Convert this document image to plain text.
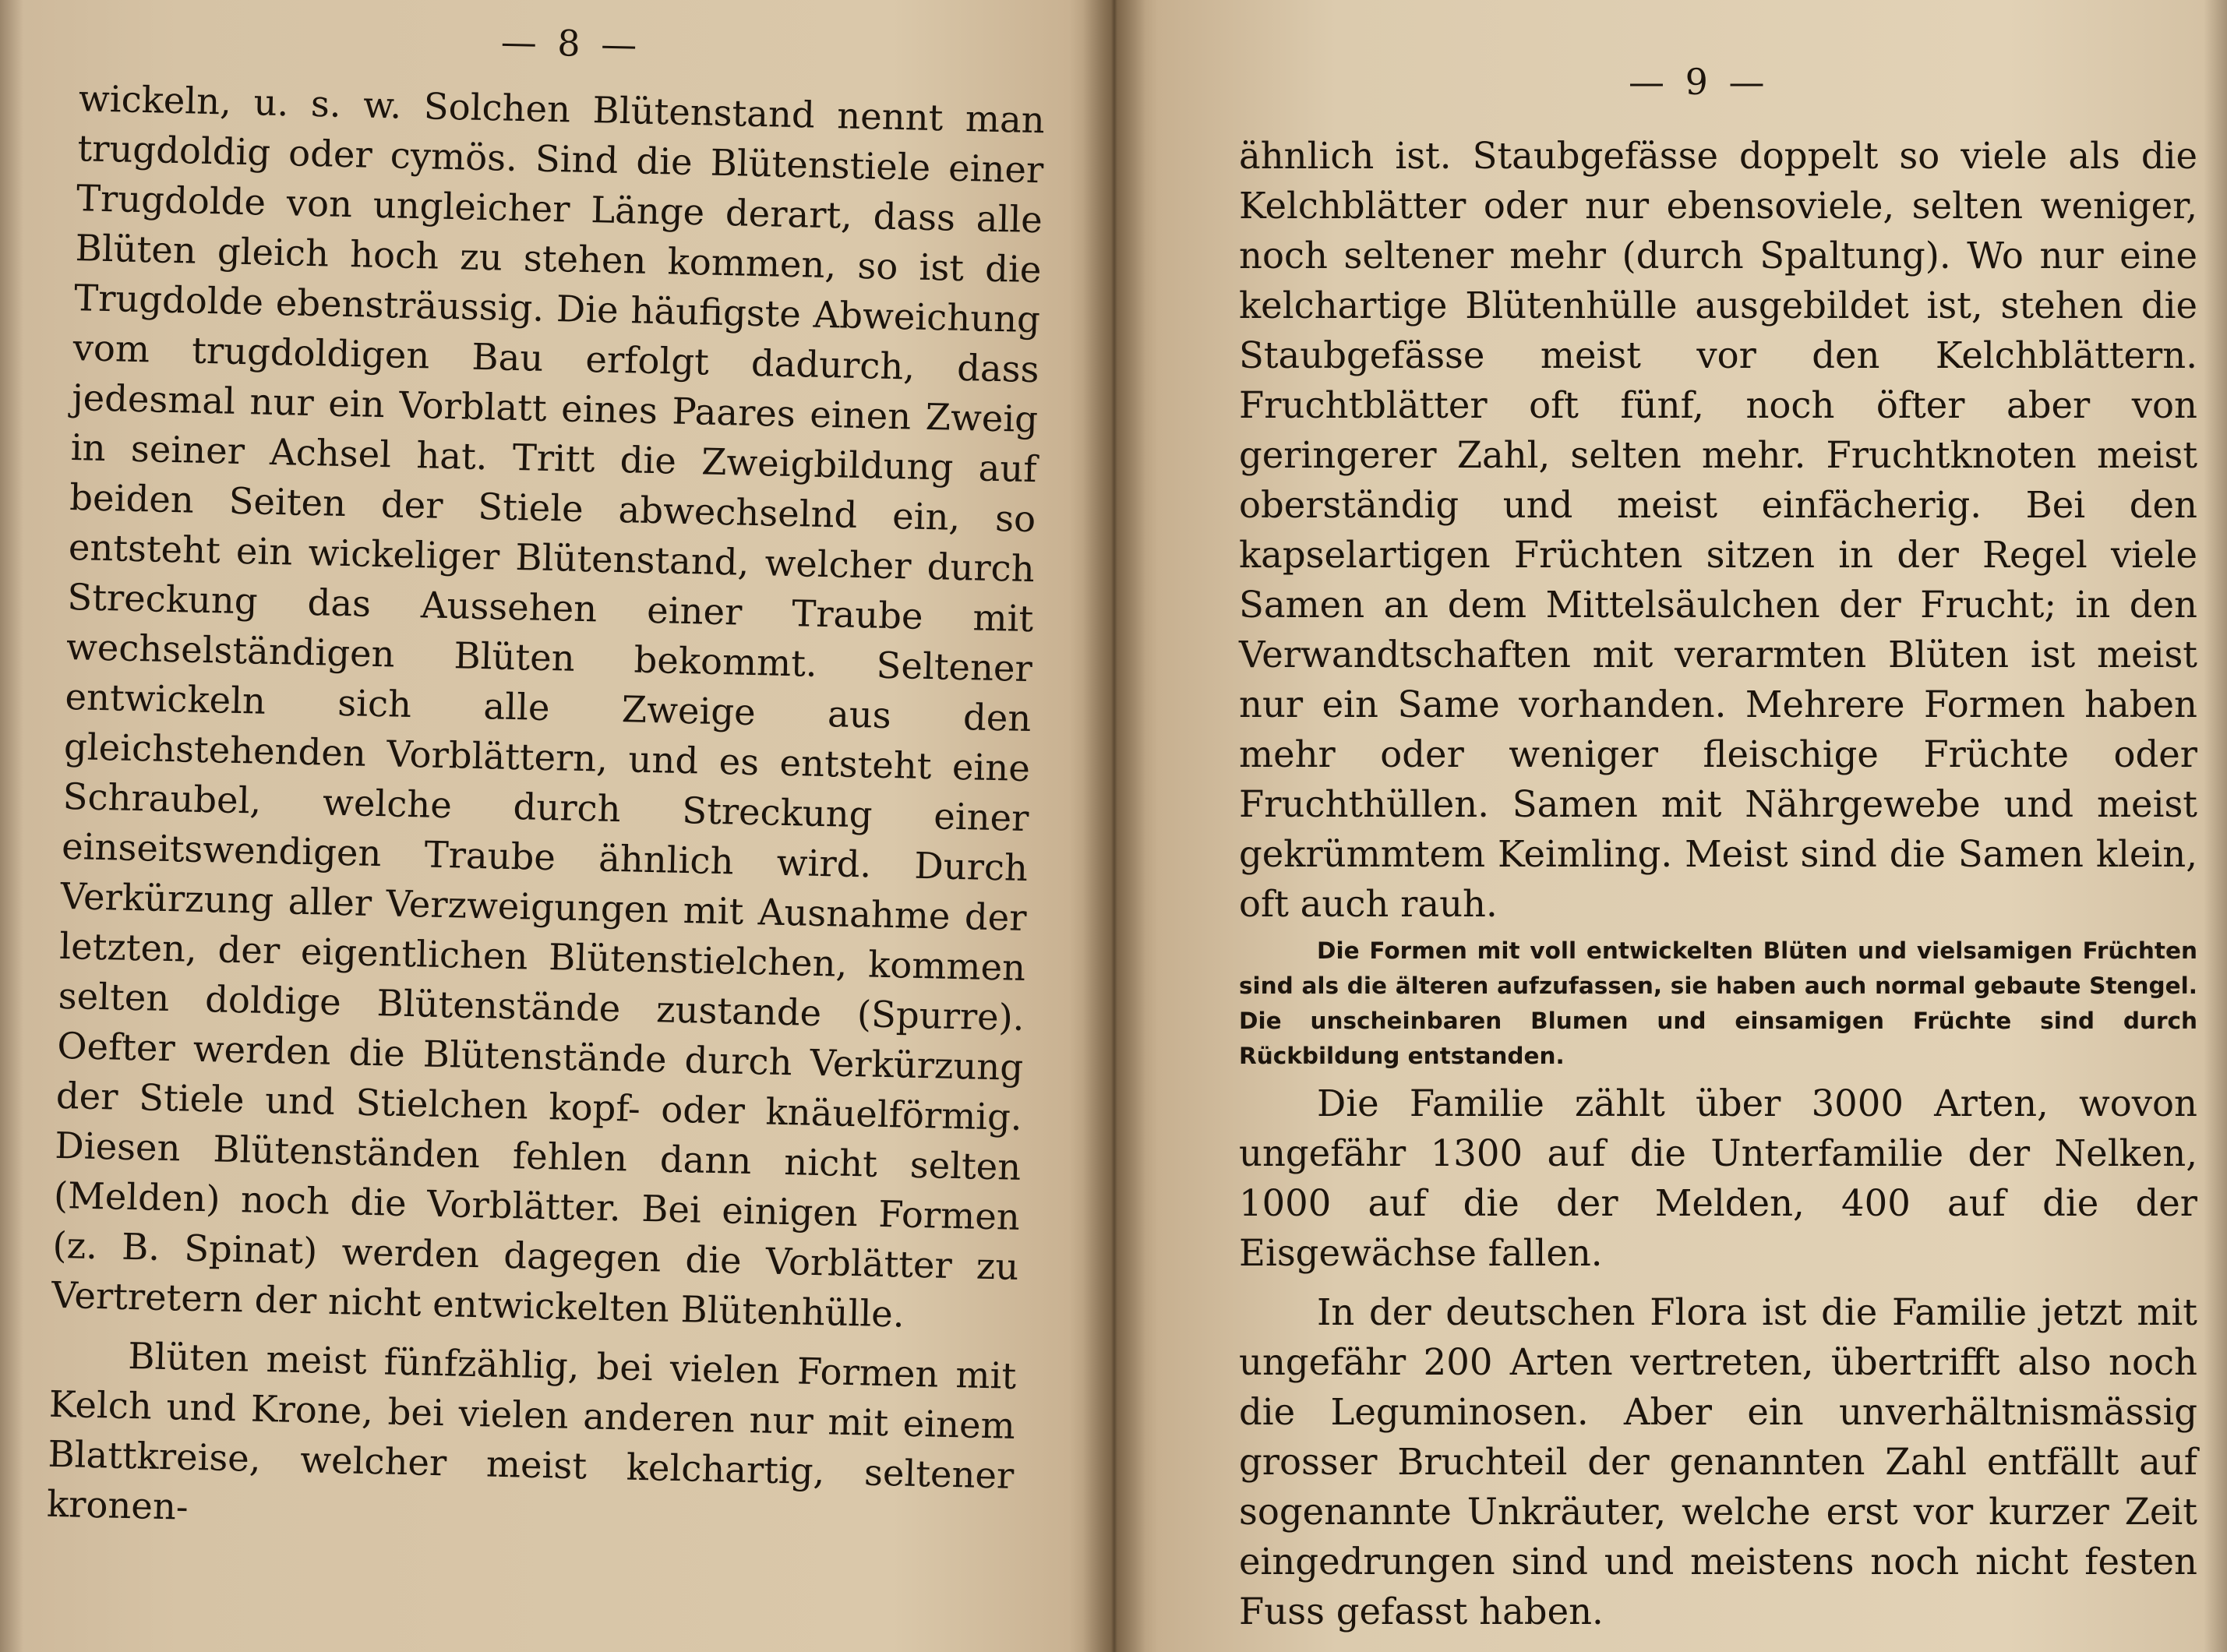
— 8 —

wickeln, u. s. w. Solchen Blütenstand nennt man trugdoldig oder cymös. Sind die Blütenstiele einer Trugdolde von ungleicher Länge derart, dass alle Blüten gleich hoch zu stehen kommen, so ist die Trugdolde ebensträussig. Die häufigste Abweichung vom trugdoldigen Bau erfolgt dadurch, dass jedesmal nur ein Vorblatt eines Paares einen Zweig in seiner Achsel hat. Tritt die Zweigbildung auf beiden Seiten der Stiele abwechselnd ein, so entsteht ein wickeliger Blütenstand, welcher durch Streckung das Aussehen einer Traube mit wechselständigen Blüten bekommt. Seltener entwickeln sich alle Zweige aus den gleichstehenden Vorblättern, und es entsteht eine Schraubel, welche durch Streckung einer einseitswendigen Traube ähnlich wird. Durch Verkürzung aller Verzweigungen mit Ausnahme der letzten, der eigentlichen Blütenstielchen, kommen selten doldige Blütenstände zustande (Spurre). Oefter werden die Blütenstände durch Verkürzung der Stiele und Stielchen kopf- oder knäuelförmig. Diesen Blütenständen fehlen dann nicht selten (Melden) noch die Vorblätter. Bei einigen Formen (z. B. Spinat) werden dagegen die Vorblätter zu Vertretern der nicht entwickelten Blütenhülle.

Blüten meist fünfzählig, bei vielen Formen mit Kelch und Krone, bei vielen anderen nur mit einem Blattkreise, welcher meist kelchartig, seltener kronen-

— 9 —

ähnlich ist. Staubgefässe doppelt so viele als die Kelchblätter oder nur ebensoviele, selten weniger, noch seltener mehr (durch Spaltung). Wo nur eine kelchartige Blütenhülle ausgebildet ist, stehen die Staubgefässe meist vor den Kelchblättern. Fruchtblätter oft fünf, noch öfter aber von geringerer Zahl, selten mehr. Fruchtknoten meist oberständig und meist einfächerig. Bei den kapselartigen Früchten sitzen in der Regel viele Samen an dem Mittelsäulchen der Frucht; in den Verwandtschaften mit verarmten Blüten ist meist nur ein Same vorhanden. Mehrere Formen haben mehr oder weniger fleischige Früchte oder Fruchthüllen. Samen mit Nährgewebe und meist gekrümmtem Keimling. Meist sind die Samen klein, oft auch rauh.

Die Formen mit voll entwickelten Blüten und vielsamigen Früchten sind als die älteren aufzufassen, sie haben auch normal gebaute Stengel. Die unscheinbaren Blumen und einsamigen Früchte sind durch Rückbildung entstanden.

Die Familie zählt über 3000 Arten, wovon ungefähr 1300 auf die Unterfamilie der Nelken, 1000 auf die der Melden, 400 auf die der Eisgewächse fallen.

In der deutschen Flora ist die Familie jetzt mit ungefähr 200 Arten vertreten, übertrifft also noch die Leguminosen. Aber ein unverhältnismässig grosser Bruchteil der genannten Zahl entfällt auf sogenannte Unkräuter, welche erst vor kurzer Zeit eingedrungen sind und meistens noch nicht festen Fuss gefasst haben.
